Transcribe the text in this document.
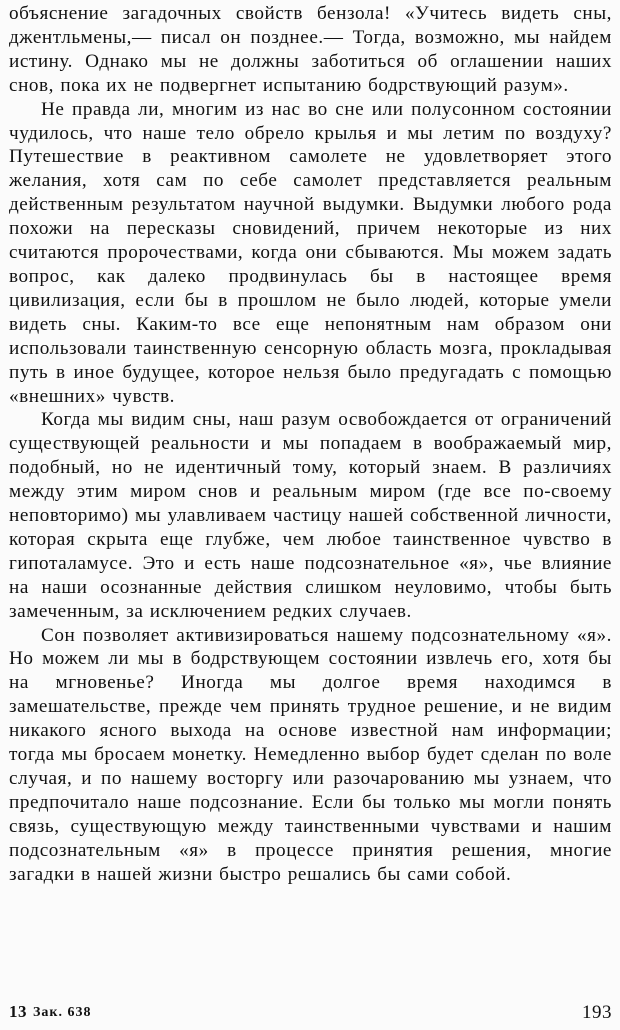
объяснение загадочных свойств бензола! «Учитесь видеть сны, джентльмены,— писал он позднее.— Тогда, возможно, мы найдем истину. Однако мы не должны заботиться об оглашении наших снов, пока их не подвергнет испытанию бодрствующий разум».

Не правда ли, многим из нас во сне или полусонном состоянии чудилось, что наше тело обрело крылья и мы летим по воздуху? Путешествие в реактивном самолете не удовлетворяет этого желания, хотя сам по себе самолет представляется реальным действенным результатом научной выдумки. Выдумки любого рода похожи на пересказы сновидений, причем некоторые из них считаются пророчествами, когда они сбываются. Мы можем задать вопрос, как далеко продвинулась бы в настоящее время цивилизация, если бы в прошлом не было людей, которые умели видеть сны. Каким-то все еще непонятным нам образом они использовали таинственную сенсорную область мозга, прокладывая путь в иное будущее, которое нельзя было предугадать с помощью «внешних» чувств.

Когда мы видим сны, наш разум освобождается от ограничений существующей реальности и мы попадаем в воображаемый мир, подобный, но не идентичный тому, который знаем. В различиях между этим миром снов и реальным миром (где все по-своему неповторимо) мы улавливаем частицу нашей собственной личности, которая скрыта еще глубже, чем любое таинственное чувство в гипоталамусе. Это и есть наше подсознательное «я», чье влияние на наши осознанные действия слишком неуловимо, чтобы быть замеченным, за исключением редких случаев.

Сон позволяет активизироваться нашему подсознательному «я». Но можем ли мы в бодрствующем состоянии извлечь его, хотя бы на мгновенье? Иногда мы долгое время находимся в замешательстве, прежде чем принять трудное решение, и не видим никакого ясного выхода на основе известной нам информации; тогда мы бросаем монетку. Немедленно выбор будет сделан по воле случая, и по нашему восторгу или разочарованию мы узнаем, что предпочитало наше подсознание. Если бы только мы могли понять связь, существующую между таинственными чувствами и нашим подсознательным «я» в процессе принятия решения, многие загадки в нашей жизни быстро решались бы сами собой.

13 Зак. 638	193
